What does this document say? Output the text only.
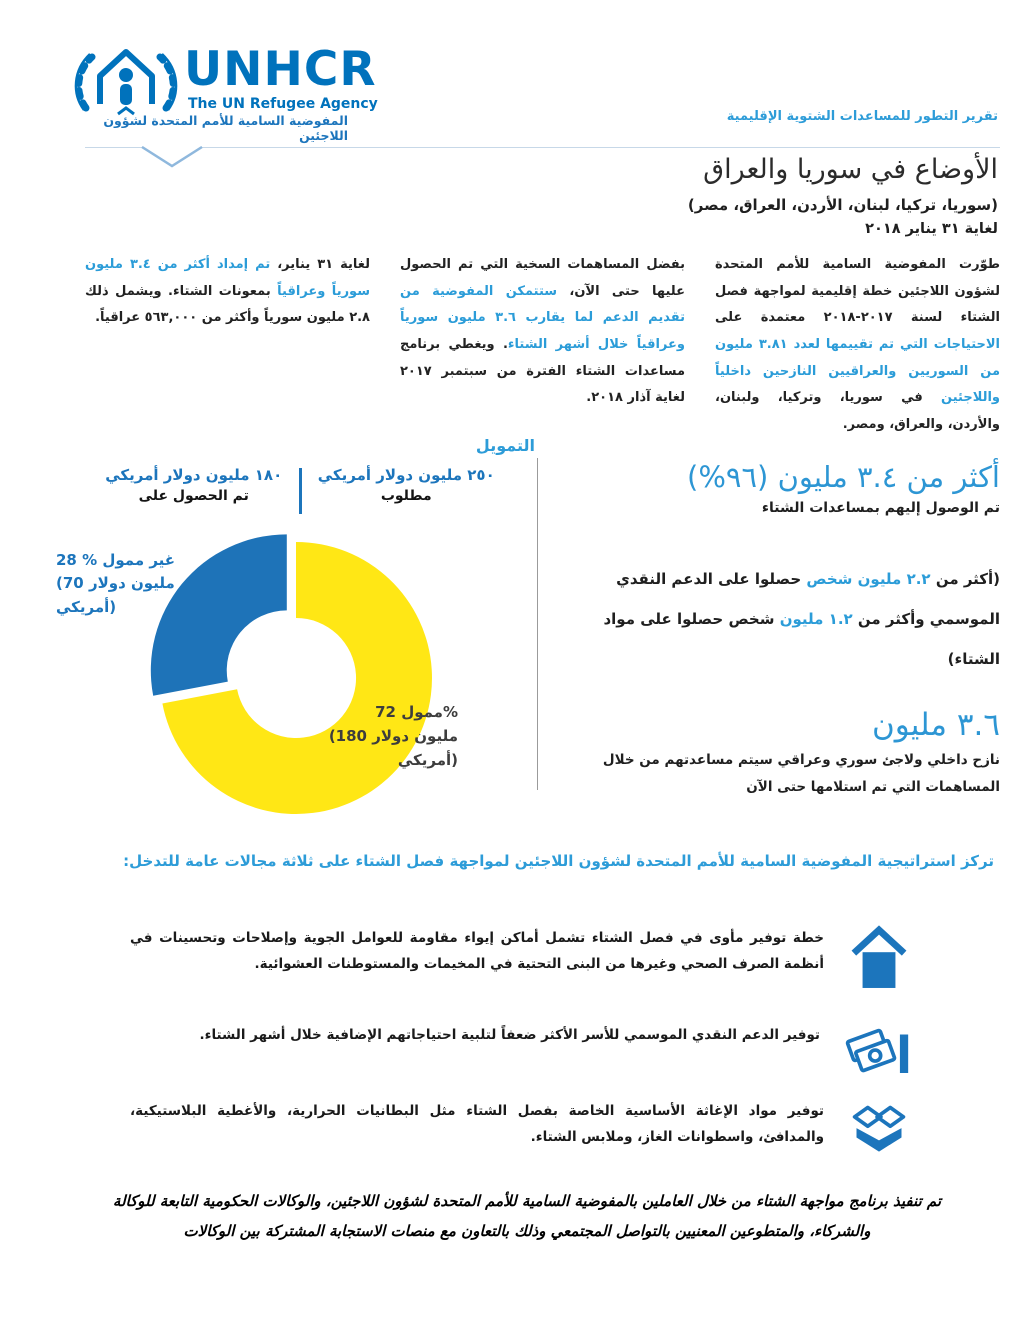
UNHCR
The UN Refugee Agency
المفوضية السامية للأمم المتحدة لشؤون اللاجئين
تقرير التطور للمساعدات الشتوية الإقليمية
الأوضاع في سوريا والعراق
(سوريا، تركيا، لبنان، الأردن، العراق، مصر)
لغاية ٣١ يناير ٢٠١٨

طوّرت المفوضية السامية للأمم المتحدة لشؤون اللاجئين خطة إقليمية لمواجهة فصل الشتاء لسنة ٢٠١٧-٢٠١٨ معتمدة على الاحتياجات التي تم تقييمها لعدد ٣.٨١ مليون من السوريين والعراقيين النازحين داخلياً واللاجئين في سوريا، وتركيا، ولبنان، والأردن، والعراق، ومصر.

بفضل المساهمات السخية التي تم الحصول عليها حتى الآن، ستتمكن المفوضية من تقديم الدعم لما يقارب ٣.٦ مليون سورياً وعراقياً خلال أشهر الشتاء. ويغطي برنامج مساعدات الشتاء الفترة من سبتمبر ٢٠١٧ لغاية آذار ٢٠١٨.

لغاية ٣١ يناير، تم إمداد أكثر من ٣.٤ مليون سورياً وعراقياً بمعونات الشتاء. ويشمل ذلك ٢.٨ مليون سورياً وأكثر من ٥٦٣,٠٠٠ عراقياً.

التمويل
٢٥٠ مليون دولار أمريكي
مطلوب
١٨٠ مليون دولار أمريكي
تم الحصول على
28 % غير ممول
(70 مليون دولار
أمريكي)
ممول 72%
(180 مليون دولار
أمريكي)
أكثر من ٣.٤ مليون (٩٦%)
تم الوصول إليهم بمساعدات الشتاء

(أكثر من ٢.٢ مليون شخص حصلوا على الدعم النقدي الموسمي وأكثر من ١.٢ مليون شخص حصلوا على مواد الشتاء)

٣.٦ مليون
نازح داخلي ولاجئ سوري وعراقي سيتم مساعدتهم من خلال المساهمات التي تم استلامها حتى الآن
تركز استراتيجية المفوضية السامية للأمم المتحدة لشؤون اللاجئين لمواجهة فصل الشتاء على ثلاثة مجالات عامة للتدخل:
خطة توفير مأوى في فصل الشتاء تشمل أماكن إيواء مقاومة للعوامل الجوية وإصلاحات وتحسينات في أنظمة الصرف الصحي وغيرها من البنى التحتية في المخيمات والمستوطنات العشوائية.
توفير الدعم النقدي الموسمي للأسر الأكثر ضعفاً لتلبية احتياجاتهم الإضافية خلال أشهر الشتاء.
توفير مواد الإغاثة الأساسية الخاصة بفصل الشتاء مثل البطانيات الحرارية، والأغطية البلاستيكية، والمدافئ، واسطوانات الغاز، وملابس الشتاء.
تم تنفيذ برنامج مواجهة الشتاء من خلال العاملين بالمفوضية السامية للأمم المتحدة لشؤون اللاجئين، والوكالات الحكومية التابعة للوكالة والشركاء، والمتطوعين المعنيين بالتواصل المجتمعي وذلك بالتعاون مع منصات الاستجابة المشتركة بين الوكالات
